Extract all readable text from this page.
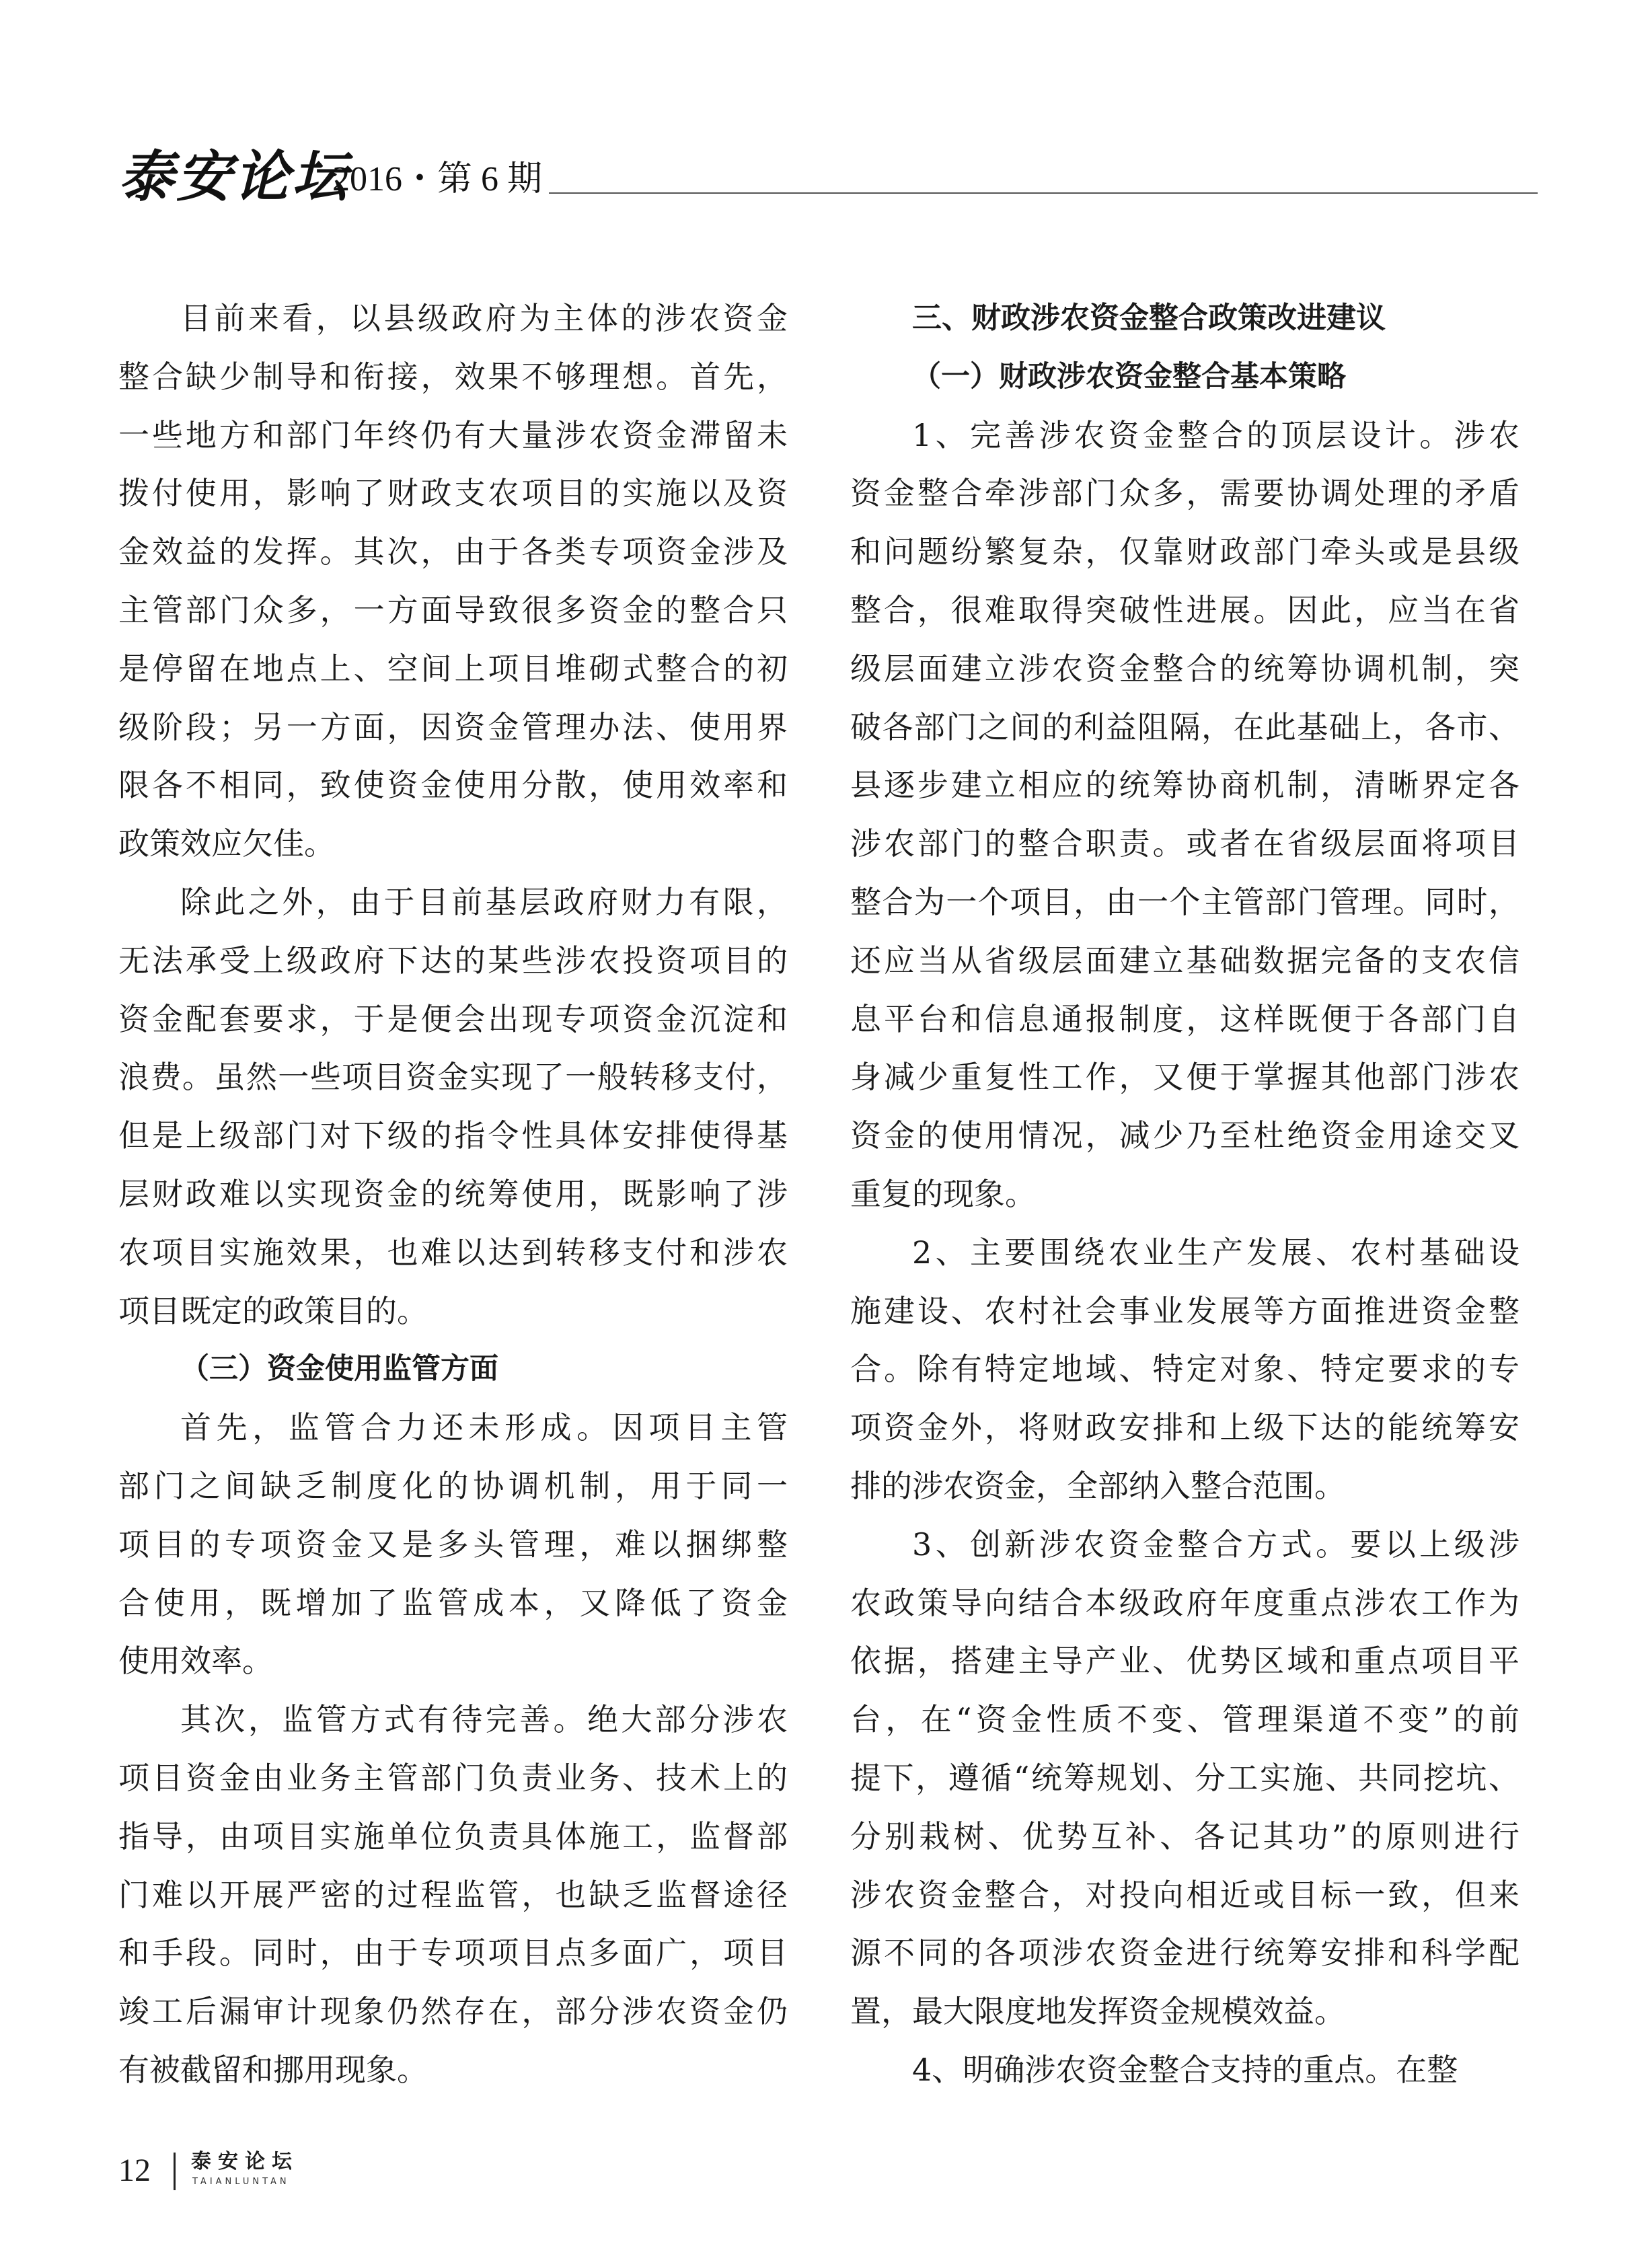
泰安论坛
2016・第 6 期
目前来看，以县级政府为主体的涉农资金
整合缺少制导和衔接，效果不够理想。首先，
一些地方和部门年终仍有大量涉农资金滞留未
拨付使用，影响了财政支农项目的实施以及资
金效益的发挥。其次，由于各类专项资金涉及
主管部门众多，一方面导致很多资金的整合只
是停留在地点上、空间上项目堆砌式整合的初
级阶段；另一方面，因资金管理办法、使用界
限各不相同，致使资金使用分散，使用效率和
政策效应欠佳。
除此之外，由于目前基层政府财力有限，
无法承受上级政府下达的某些涉农投资项目的
资金配套要求，于是便会出现专项资金沉淀和
浪费。虽然一些项目资金实现了一般转移支付，
但是上级部门对下级的指令性具体安排使得基
层财政难以实现资金的统筹使用，既影响了涉
农项目实施效果，也难以达到转移支付和涉农
项目既定的政策目的。
（三）资金使用监管方面
首先，监管合力还未形成。因项目主管
部门之间缺乏制度化的协调机制，用于同一
项目的专项资金又是多头管理，难以捆绑整
合使用，既增加了监管成本，又降低了资金
使用效率。
其次，监管方式有待完善。绝大部分涉农
项目资金由业务主管部门负责业务、技术上的
指导，由项目实施单位负责具体施工，监督部
门难以开展严密的过程监管，也缺乏监督途径
和手段。同时，由于专项项目点多面广，项目
竣工后漏审计现象仍然存在，部分涉农资金仍
有被截留和挪用现象。
三、财政涉农资金整合政策改进建议
（一）财政涉农资金整合基本策略
1、完善涉农资金整合的顶层设计。涉农
资金整合牵涉部门众多，需要协调处理的矛盾
和问题纷繁复杂，仅靠财政部门牵头或是县级
整合，很难取得突破性进展。因此，应当在省
级层面建立涉农资金整合的统筹协调机制，突
破各部门之间的利益阻隔，在此基础上，各市、
县逐步建立相应的统筹协商机制，清晰界定各
涉农部门的整合职责。或者在省级层面将项目
整合为一个项目，由一个主管部门管理。同时，
还应当从省级层面建立基础数据完备的支农信
息平台和信息通报制度，这样既便于各部门自
身减少重复性工作，又便于掌握其他部门涉农
资金的使用情况，减少乃至杜绝资金用途交叉
重复的现象。
2、主要围绕农业生产发展、农村基础设
施建设、农村社会事业发展等方面推进资金整
合。除有特定地域、特定对象、特定要求的专
项资金外，将财政安排和上级下达的能统筹安
排的涉农资金，全部纳入整合范围。
3、创新涉农资金整合方式。要以上级涉
农政策导向结合本级政府年度重点涉农工作为
依据，搭建主导产业、优势区域和重点项目平
台，在“资金性质不变、管理渠道不变”的前
提下，遵循“统筹规划、分工实施、共同挖坑、
分别栽树、优势互补、各记其功”的原则进行
涉农资金整合，对投向相近或目标一致，但来
源不同的各项涉农资金进行统筹安排和科学配
置，最大限度地发挥资金规模效益。
4、明确涉农资金整合支持的重点。在整
12 泰安论坛
TAIANLUNTAN
